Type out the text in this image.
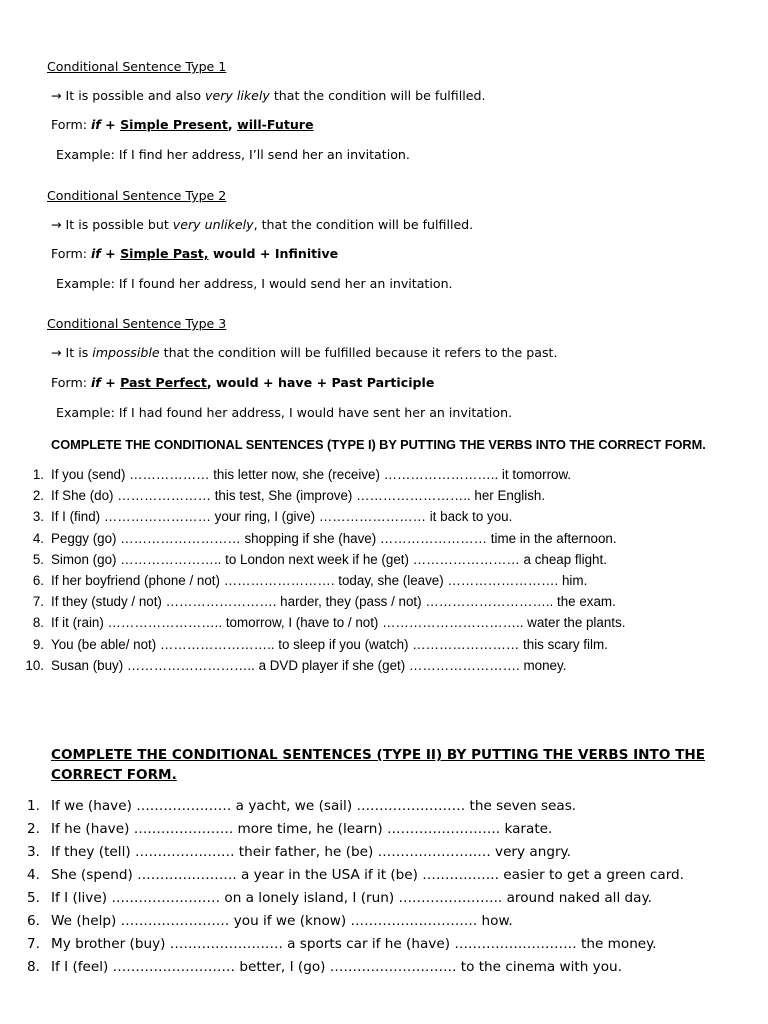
Conditional Sentence Type 1
→ It is possible and also very likely that the condition will be fulfilled.
Form: if + Simple Present, will-Future
Example: If I find her address, I’ll send her an invitation.
Conditional Sentence Type 2
→ It is possible but very unlikely, that the condition will be fulfilled.
Form: if + Simple Past, would + Infinitive
Example: If I found her address, I would send her an invitation.
Conditional Sentence Type 3
→ It is impossible that the condition will be fulfilled because it refers to the past.
Form: if + Past Perfect, would + have + Past Participle
Example: If I had found her address, I would have sent her an invitation.
COMPLETE THE CONDITIONAL SENTENCES (TYPE I) BY PUTTING THE VERBS INTO THE CORRECT FORM.
1. If you (send) ……………… this letter now, she (receive) …………………….. it tomorrow.
2. If She (do) ………………… this test, She (improve) …………………….. her English.
3. If I (find) …………………… your ring, I (give) …………………… it back to you.
4. Peggy (go) ……………………… shopping if she (have) …………………… time in the afternoon.
5. Simon (go) ………………….. to London next week if he (get) …………………… a cheap flight.
6. If her boyfriend (phone / not) ……………………. today, she (leave) ……………………. him.
7. If they (study / not) ……………………. harder, they (pass / not) ……………………….. the exam.
8. If it (rain) …………………….. tomorrow, I (have to / not) ………………………….. water the plants.
9. You (be able/ not) …………………….. to sleep if you (watch) …………………… this scary film.
10. Susan (buy) ……………………….. a DVD player if she (get) ……………………. money.
COMPLETE THE CONDITIONAL SENTENCES (TYPE II) BY PUTTING THE VERBS INTO THE CORRECT FORM.
1. If we (have) ………………… a yacht, we (sail) …………………… the seven seas.
2. If he (have) …………………. more time, he (learn) ……………………. karate.
3. If they (tell) …………………. their father, he (be) ……………………. very angry.
4. She (spend) …………………. a year in the USA if it (be) …………….. easier to get a green card.
5. If I (live) …………………… on a lonely island, I (run) ………………….. around naked all day.
6. We (help) …………………… you if we (know) ………………………. how.
7. My brother (buy) ……………………. a sports car if he (have) ……………………… the money.
8. If I (feel) ……………………… better, I (go) ………………………. to the cinema with you.
